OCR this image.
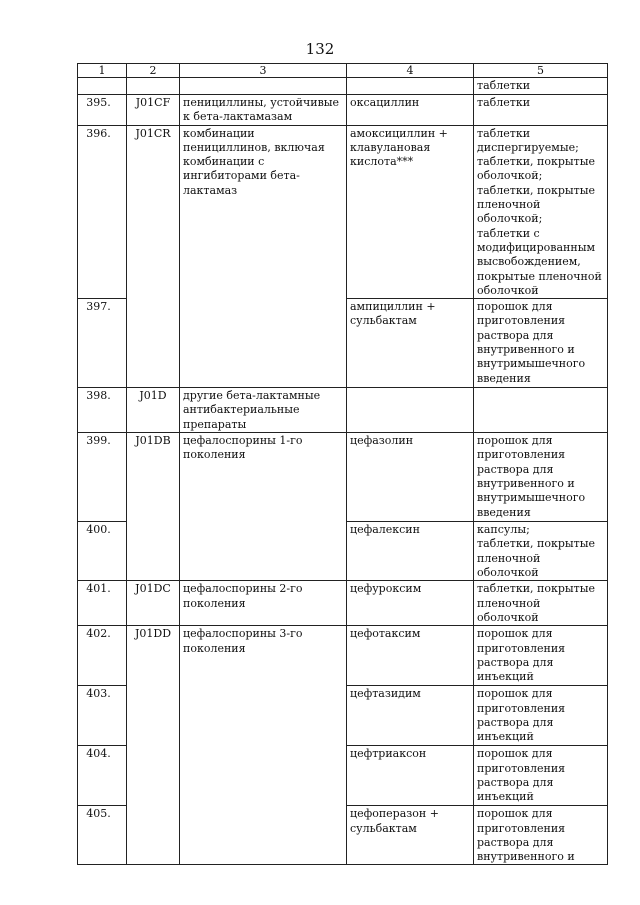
132
1	2	3	4	5
				таблетки
395.	J01CF	пенициллины, устойчивые к бета-лактамазам	оксациллин	таблетки
396.	J01CR	комбинации пенициллинов, включая комбинации с ингибиторами бета-лактамаз	амоксициллин + клавулановая кислота***	таблетки диспергируемые;
таблетки, покрытые оболочкой;
таблетки, покрытые пленочной оболочкой;
таблетки с модифицированным высвобождением, покрытые пленочной оболочкой
397.			ампициллин + сульбактам	порошок для приготовления раствора для внутривенного и внутримышечного введения
398.	J01D	другие бета-лактамные антибактериальные препараты		
399.	J01DB	цефалоспорины 1-го поколения	цефазолин	порошок для приготовления раствора для внутривенного и внутримышечного введения
400.			цефалексин	капсулы;
таблетки, покрытые пленочной оболочкой
401.	J01DC	цефалоспорины 2-го поколения	цефуроксим	таблетки, покрытые пленочной оболочкой
402.	J01DD	цефалоспорины 3-го поколения	цефотаксим	порошок для приготовления раствора для инъекций
403.			цефтазидим	порошок для приготовления раствора для инъекций
404.			цефтриаксон	порошок для приготовления раствора для инъекций
405.			цефоперазон + сульбактам	порошок для приготовления раствора для внутривенного и
